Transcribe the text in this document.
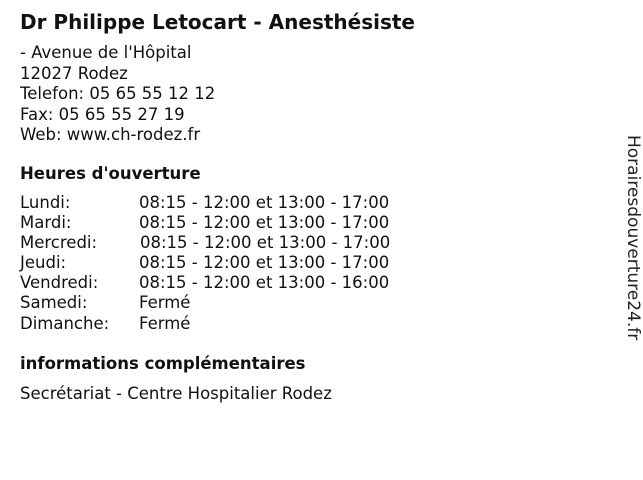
Dr Philippe Letocart - Anesthésiste
- Avenue de l'Hôpital
12027 Rodez
Telefon: 05 65 55 12 12
Fax: 05 65 55 27 19
Web: www.ch-rodez.fr
Heures d'ouverture
Lundi:	08:15 - 12:00 et 13:00 - 17:00
Mardi:	08:15 - 12:00 et 13:00 - 17:00
Mercredi:	08:15 - 12:00 et 13:00 - 17:00
Jeudi:	08:15 - 12:00 et 13:00 - 17:00
Vendredi: 08:15 - 12:00 et 13:00 - 16:00
Samedi:	Fermé
Dimanche: Fermé
informations complémentaires
Secrétariat - Centre Hospitalier Rodez
Horairesdouverture24.fr
